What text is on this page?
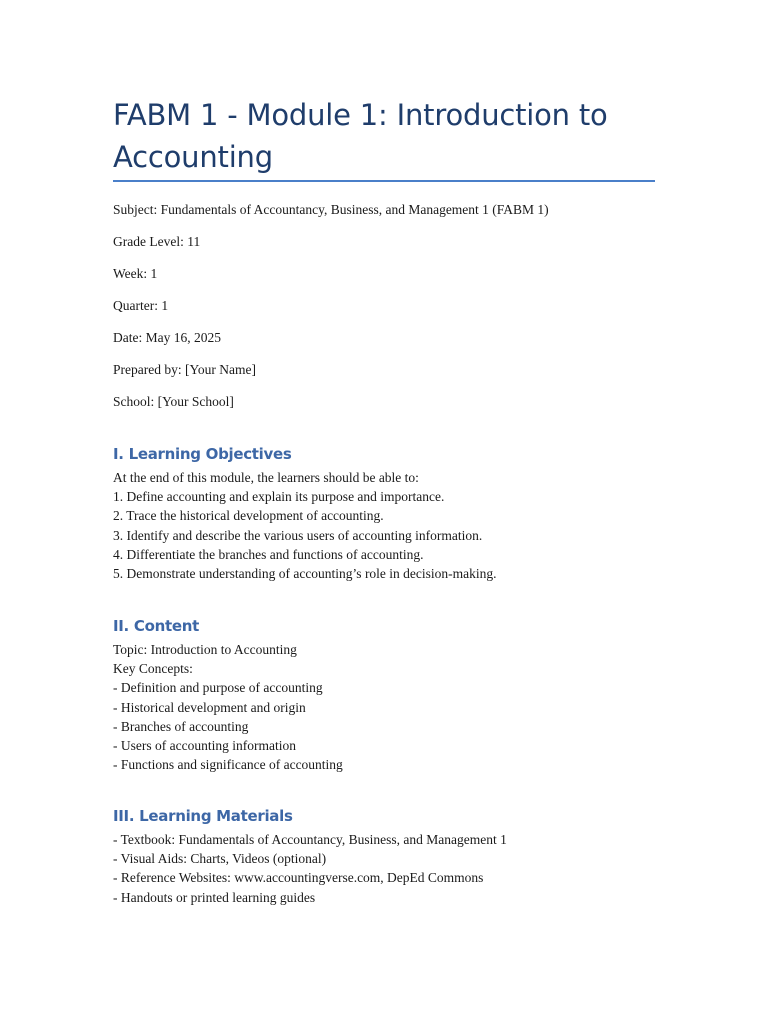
FABM 1 - Module 1: Introduction to Accounting
Subject: Fundamentals of Accountancy, Business, and Management 1 (FABM 1)
Grade Level: 11
Week: 1
Quarter: 1
Date: May 16, 2025
Prepared by: [Your Name]
School: [Your School]
I. Learning Objectives
At the end of this module, the learners should be able to:
1. Define accounting and explain its purpose and importance.
2. Trace the historical development of accounting.
3. Identify and describe the various users of accounting information.
4. Differentiate the branches and functions of accounting.
5. Demonstrate understanding of accounting’s role in decision-making.
II. Content
Topic: Introduction to Accounting
Key Concepts:
- Definition and purpose of accounting
- Historical development and origin
- Branches of accounting
- Users of accounting information
- Functions and significance of accounting
III. Learning Materials
- Textbook: Fundamentals of Accountancy, Business, and Management 1
- Visual Aids: Charts, Videos (optional)
- Reference Websites: www.accountingverse.com, DepEd Commons
- Handouts or printed learning guides
